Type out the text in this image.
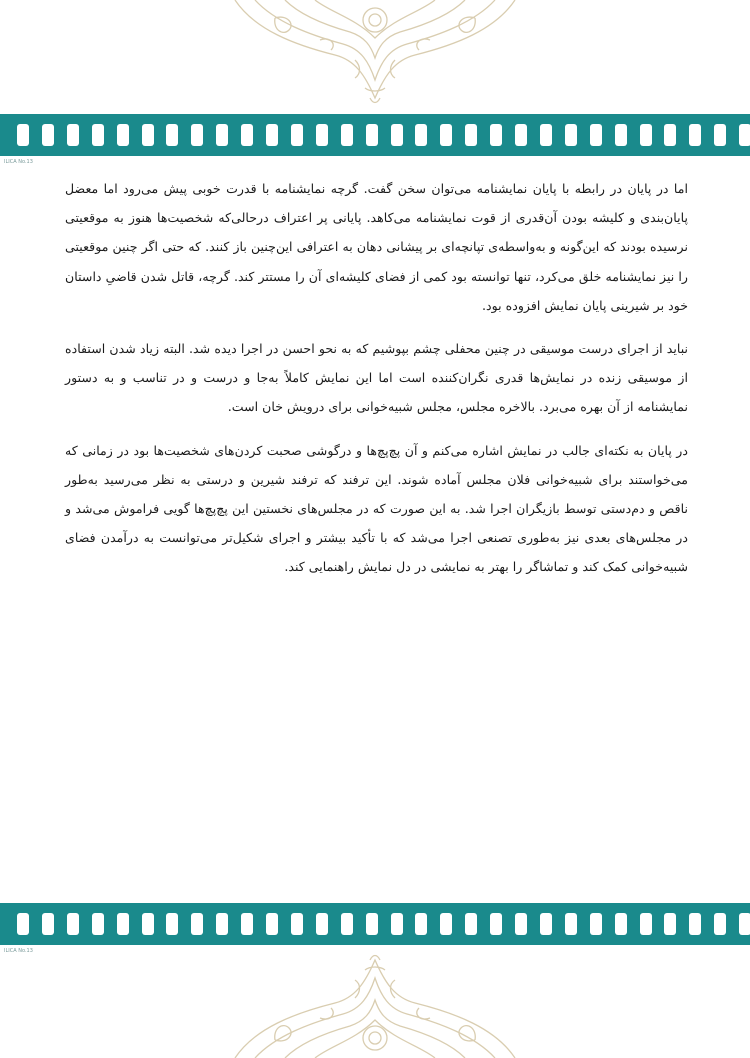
ILICA No.13

اما در پایان در رابطه با پایان نمایشنامه می‌توان سخن گفت. گرچه نمایشنامه با قدرت خوبی پیش می‌رود اما معضل پایان‌بندی و کلیشه بودن آن‌قدری از قوت نمایشنامه می‌کاهد. پایانی پر اعتراف درحالی‌که شخصیت‌ها هنوز به موقعیتی نرسیده بودند که این‌گونه و به‌واسطه‌ی تپانچه‌ای بر پیشانی دهان به اعترافی این‌چنین باز کنند. که حتی اگر چنین موقعیتی را نیز نمایشنامه خلق می‌کرد، تنها توانسته بود کمی از فضای کلیشه‌ای آن را مستتر کند. گرچه، قاتل شدن قاضیِ داستان خود بر شیرینی پایان نمایش افزوده بود.

نباید از اجرای درست موسیقی در چنین محفلی چشم بپوشیم که به نحو احسن در اجرا دیده شد. البته زیاد شدن استفاده از موسیقی زنده در نمایش‌ها قدری نگران‌کننده است اما این نمایش کاملاً به‌جا و درست و در تناسب و به دستور نمایشنامه از آن بهره می‌برد. بالاخره مجلس، مجلس شبیه‌خوانی برای درویش خان است.

در پایان به نکته‌ای جالب در نمایش اشاره می‌کنم و آن پچ‌پچ‌ها و درگوشی صحبت کردن‌های شخصیت‌ها بود در زمانی که می‌خواستند برای شبیه‌خوانی فلان مجلس آماده شوند. این ترفند که ترفند شیرین و درستی به نظر می‌رسید به‌طور ناقص و دم‌دستی توسط بازیگران اجرا شد. به این صورت که در مجلس‌های نخستین این پچ‌پچ‌ها گویی فراموش می‌شد و در مجلس‌های بعدی نیز به‌طوری تصنعی اجرا می‌شد که با تأکید بیشتر و اجرای شکیل‌تر می‌توانست به درآمدن فضای شبیه‌خوانی کمک کند و تماشاگر را بهتر به نمایشی در دل نمایش راهنمایی کند.

ILICA No.13
